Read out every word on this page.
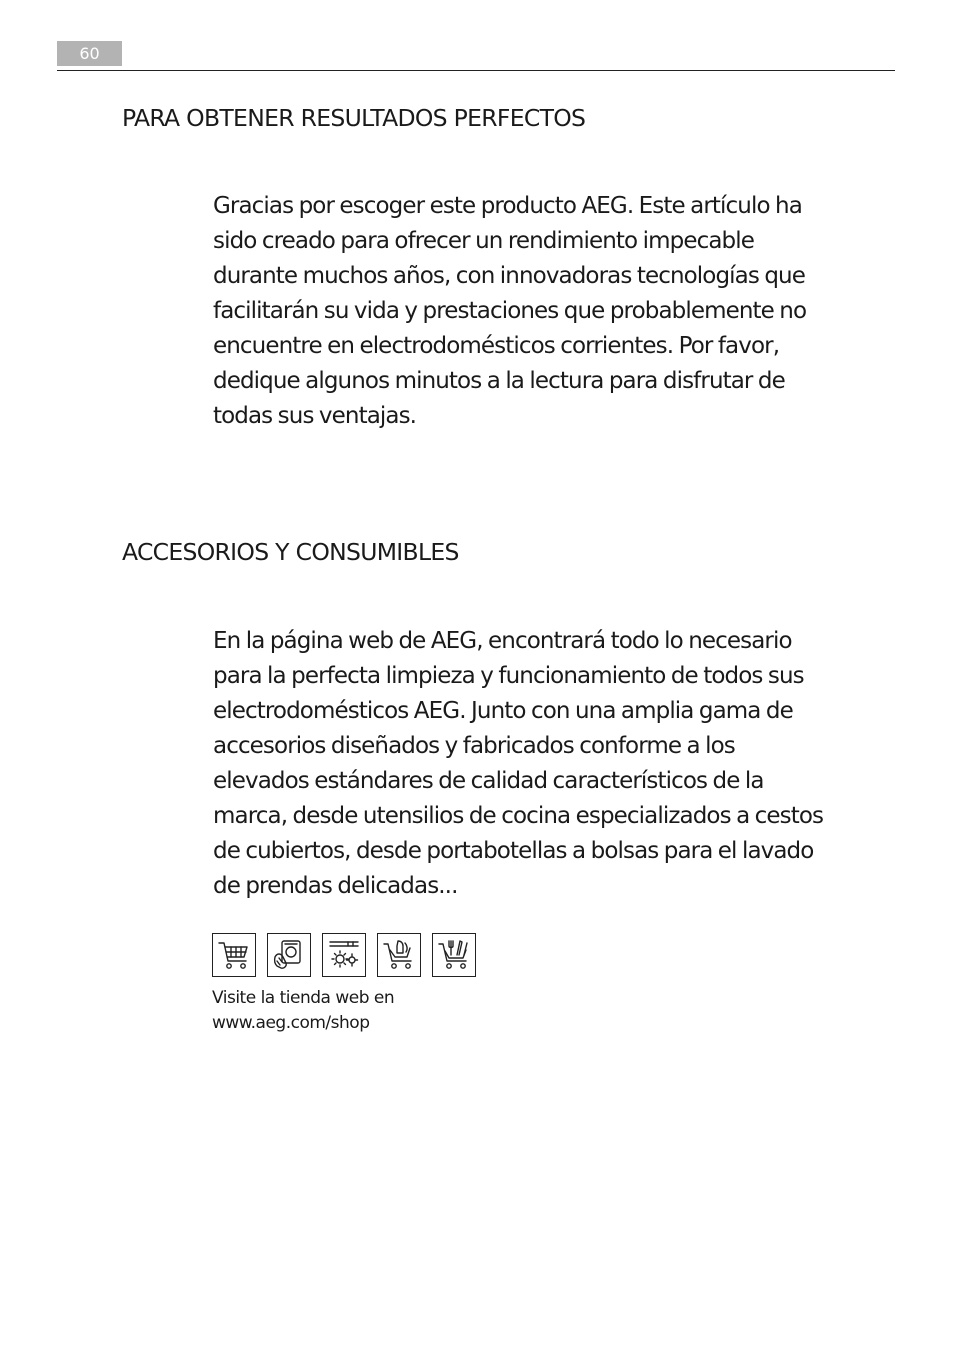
60
PARA OBTENER RESULTADOS PERFECTOS

Gracias por escoger este producto AEG. Este artículo ha
sido creado para ofrecer un rendimiento impecable
durante muchos años, con innovadoras tecnologías que
facilitarán su vida y prestaciones que probablemente no
encuentre en electrodomésticos corrientes. Por favor,
dedique algunos minutos a la lectura para disfrutar de
todas sus ventajas.

ACCESORIOS Y CONSUMIBLES

En la página web de AEG, encontrará todo lo necesario
para la perfecta limpieza y funcionamiento de todos sus
electrodomésticos AEG. Junto con una amplia gama de
accesorios diseñados y fabricados conforme a los
elevados estándares de calidad característicos de la
marca, desde utensilios de cocina especializados a cestos
de cubiertos, desde portabotellas a bolsas para el lavado
de prendas delicadas...

Visite la tienda web en
www.aeg.com/shop
